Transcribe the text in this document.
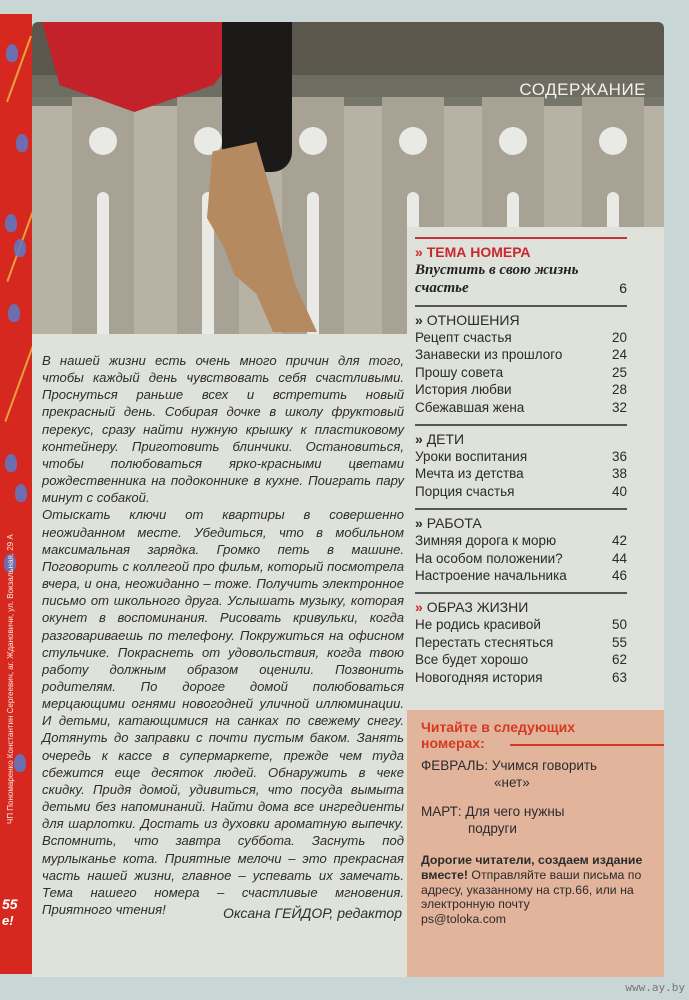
ЧП Пономаренко Константин Сергеевич, аг. Ждановичи, ул. Вокзальная, 29 А
55
e!
СОДЕРЖАНИЕ

В нашей жизни есть очень много причин для того, чтобы каждый день чувствовать себя счастливыми. Проснуться раньше всех и встретить новый прекрасный день. Собирая дочке в школу фруктовый перекус, сразу найти нужную крышку к пластиковому контейнеру. Приготовить блинчики. Остановиться, чтобы полюбоваться ярко-красными цветами рождественника на подоконнике в кухне. Поиграть пару минут с собакой.

Отыскать ключи от квартиры в совершенно неожиданном месте. Убедиться, что в мобильном максимальная зарядка. Громко петь в машине. Поговорить с коллегой про фильм, который посмотрела вчера, и она, неожиданно – тоже. Получить электронное письмо от школьного друга. Услышать музыку, которая окунет в воспоминания. Рисовать кривульки, когда разговариваешь по телефону. Покружиться на офисном стульчике. Покраснеть от удовольствия, когда твою работу должным образом оценили. Позвонить родителям. По дороге домой полюбоваться мерцающими огнями новогодней уличной иллюминации. И детьми, катающимися на санках по свежему снегу. Дотянуть до заправки с почти пустым баком. Занять очередь к кассе в супермаркете, прежде чем туда сбежится еще десяток людей. Обнаружить в чеке скидку. Придя домой, удивиться, что посуда вымыта детьми без напоминаний. Найти дома все ингредиенты для шарлотки. Достать из духовки ароматную выпечку. Вспомнить, что завтра суббота. Заснуть под мурлыканье кота. Приятные мелочи – это прекрасная часть нашей жизни, главное – успевать их замечать. Тема нашего номера – счастливые мгновения. Приятного чтения!	Оксана ГЕЙДОР, редактор
» ТЕМА НОМЕРА
Впустить в свою жизнь
счастье	6
» ОТНОШЕНИЯ
Рецепт счастья	20
Занавески из прошлого	24
Прошу совета	25
История любви	28
Сбежавшая жена	32
» ДЕТИ
Уроки воспитания	36
Мечта из детства	38
Порция счастья	40
» РАБОТА
Зимняя дорога к морю	42
На особом положении?	44
Настроение начальника	46
» ОБРАЗ ЖИЗНИ
Не родись красивой	50
Перестать стесняться	55
Все будет хорошо	62
Новогодняя история	63
Читайте в следующих
номерах:
ФЕВРАЛЬ: Учимся говорить
«нет»
МАРТ: Для чего нужны
подруги
Дорогие читатели, создаем издание вместе! Отправляйте ваши письма по адресу, указанному на стр.66, или на электронную почту
ps@toloka.com
www.ay.by
